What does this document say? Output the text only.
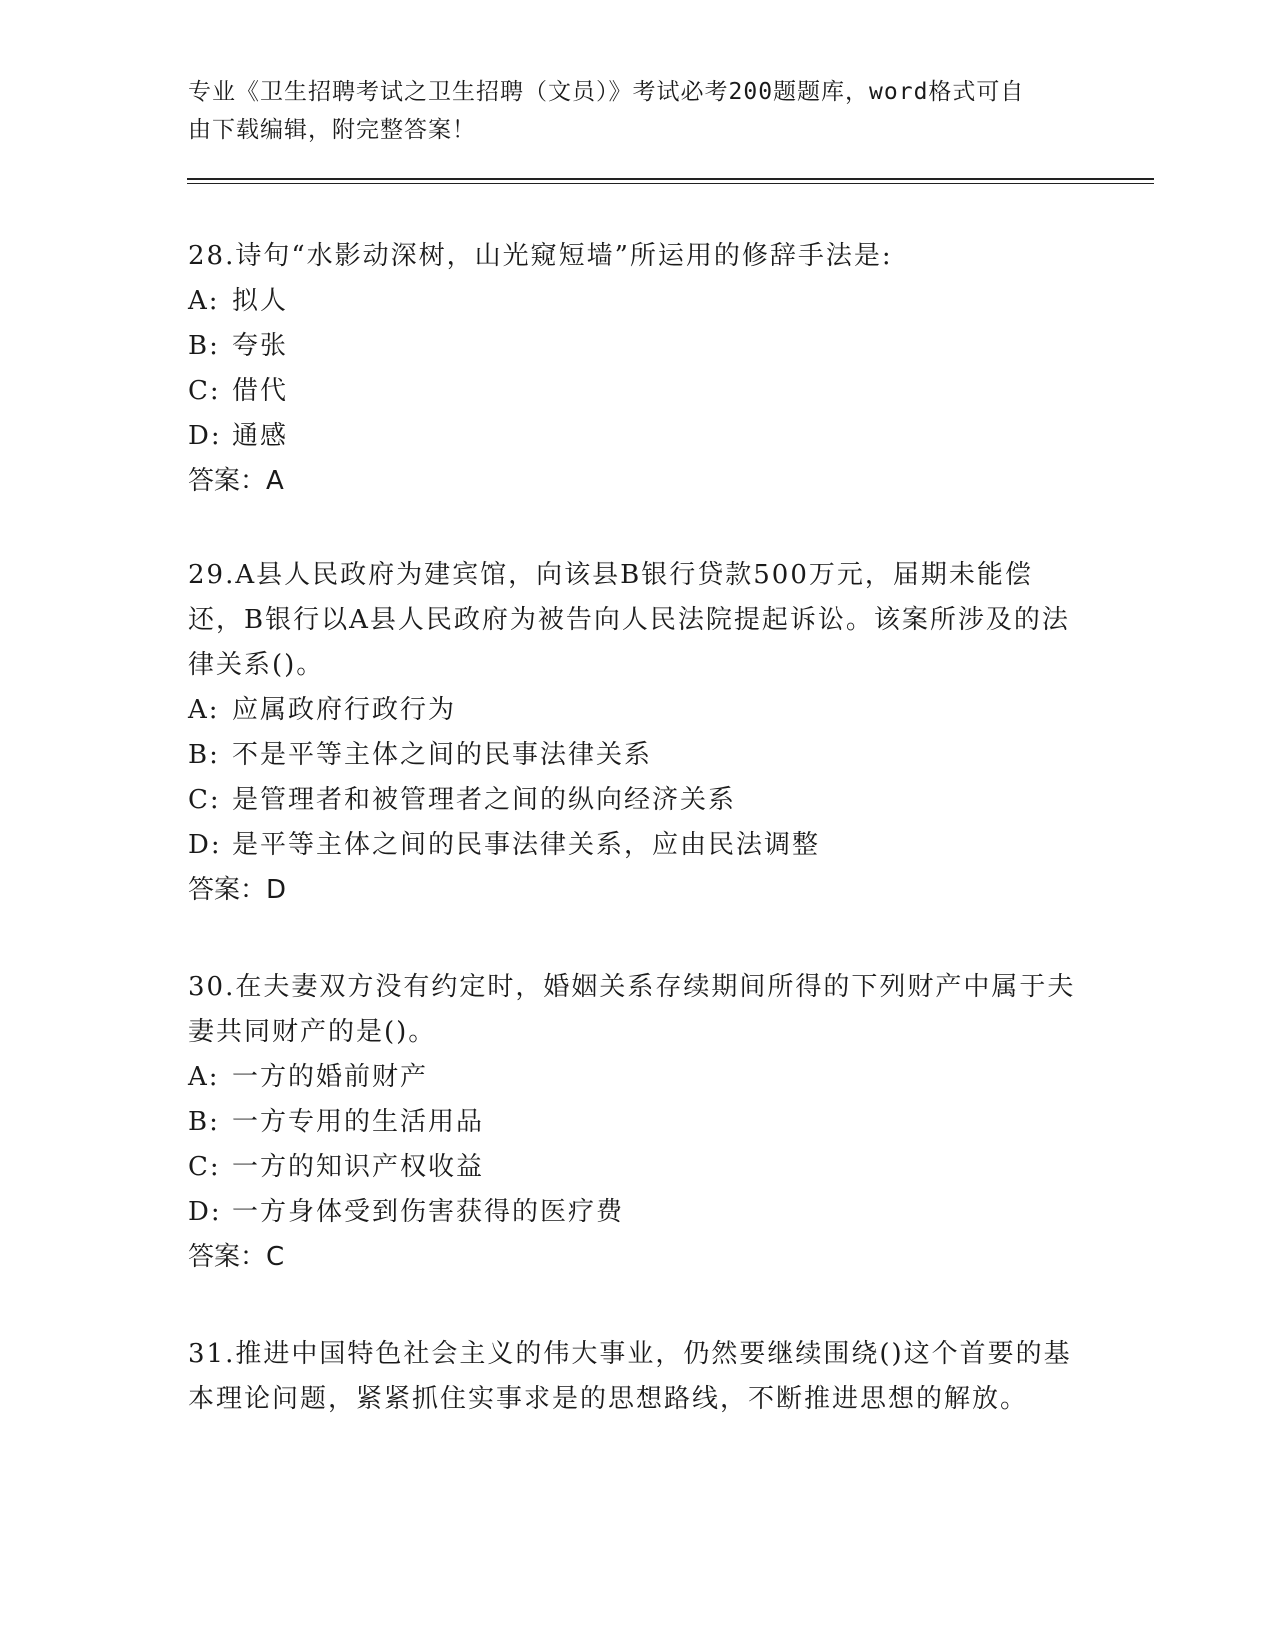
专业《卫生招聘考试之卫生招聘（文员）》考试必考200题题库，word格式可自
由下载编辑，附完整答案！

28.诗句“水影动深树，山光窥短墙”所运用的修辞手法是:

A: 拟人

B: 夸张

C: 借代

D: 通感

答案：A

29.A县人民政府为建宾馆，向该县B银行贷款500万元，届期未能偿还，B银行以A县人民政府为被告向人民法院提起诉讼。该案所涉及的法律关系()。

A: 应属政府行政行为

B: 不是平等主体之间的民事法律关系

C: 是管理者和被管理者之间的纵向经济关系

D: 是平等主体之间的民事法律关系，应由民法调整

答案：D

30.在夫妻双方没有约定时，婚姻关系存续期间所得的下列财产中属于夫妻共同财产的是()。

A: 一方的婚前财产

B: 一方专用的生活用品

C: 一方的知识产权收益

D: 一方身体受到伤害获得的医疗费

答案：C

31.推进中国特色社会主义的伟大事业，仍然要继续围绕()这个首要的基本理论问题，紧紧抓住实事求是的思想路线，不断推进思想的解放。
